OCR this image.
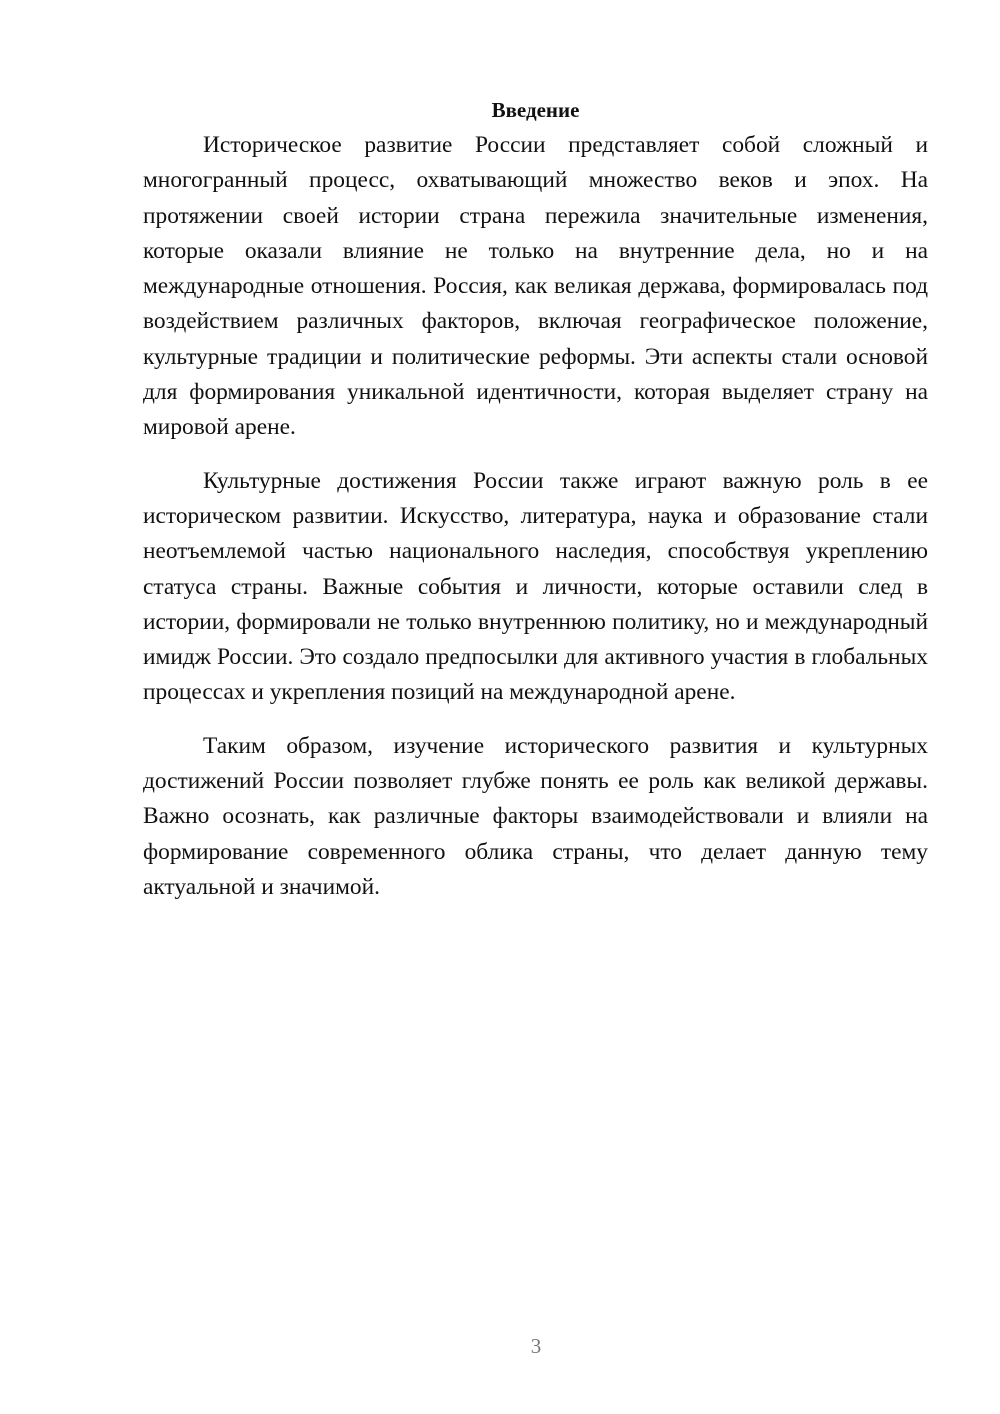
Введение

Историческое развитие России представляет собой сложный и многогранный процесс, охватывающий множество веков и эпох. На протяжении своей истории страна пережила значительные изменения, которые оказали влияние не только на внутренние дела, но и на международные отношения. Россия, как великая держава, формировалась под воздействием различных факторов, включая географическое положение, культурные традиции и политические реформы. Эти аспекты стали основой для формирования уникальной идентичности, которая выделяет страну на мировой арене.

Культурные достижения России также играют важную роль в ее историческом развитии. Искусство, литература, наука и образование стали неотъемлемой частью национального наследия, способствуя укреплению статуса страны. Важные события и личности, которые оставили след в истории, формировали не только внутреннюю политику, но и международный имидж России. Это создало предпосылки для активного участия в глобальных процессах и укрепления позиций на международной арене.

Таким образом, изучение исторического развития и культурных достижений России позволяет глубже понять ее роль как великой державы. Важно осознать, как различные факторы взаимодействовали и влияли на формирование современного облика страны, что делает данную тему актуальной и значимой.

3
